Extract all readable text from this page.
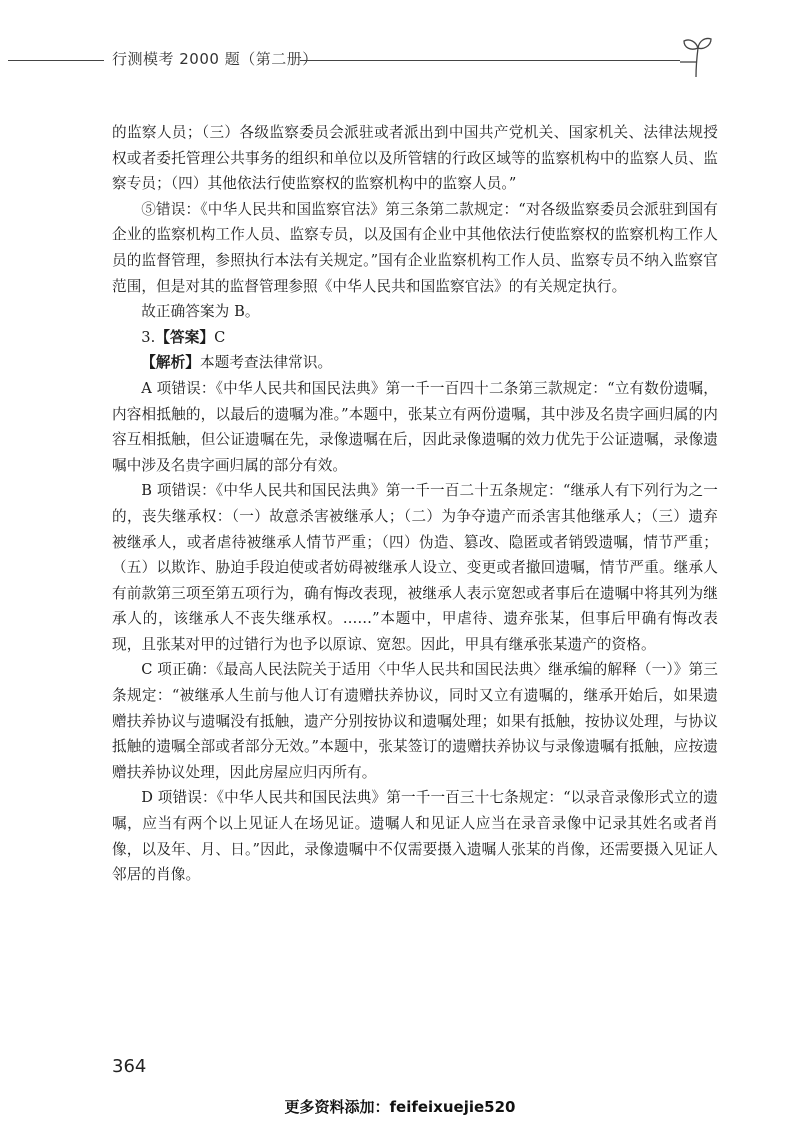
行测模考 2000 题（第二册）

的监察人员；（三）各级监察委员会派驻或者派出到中国共产党机关、国家机关、法律法规授权或者委托管理公共事务的组织和单位以及所管辖的行政区域等的监察机构中的监察人员、监察专员；（四）其他依法行使监察权的监察机构中的监察人员。”

⑤错误：《中华人民共和国监察官法》第三条第二款规定：“对各级监察委员会派驻到国有企业的监察机构工作人员、监察专员，以及国有企业中其他依法行使监察权的监察机构工作人员的监督管理，参照执行本法有关规定。”国有企业监察机构工作人员、监察专员不纳入监察官范围，但是对其的监督管理参照《中华人民共和国监察官法》的有关规定执行。

故正确答案为 B。

3.【答案】C

【解析】本题考查法律常识。

A 项错误：《中华人民共和国民法典》第一千一百四十二条第三款规定：“立有数份遗嘱，内容相抵触的，以最后的遗嘱为准。”本题中，张某立有两份遗嘱，其中涉及名贵字画归属的内容互相抵触，但公证遗嘱在先，录像遗嘱在后，因此录像遗嘱的效力优先于公证遗嘱，录像遗嘱中涉及名贵字画归属的部分有效。

B 项错误：《中华人民共和国民法典》第一千一百二十五条规定：“继承人有下列行为之一的，丧失继承权：（一）故意杀害被继承人；（二）为争夺遗产而杀害其他继承人；（三）遗弃被继承人，或者虐待被继承人情节严重；（四）伪造、篡改、隐匿或者销毁遗嘱，情节严重；（五）以欺诈、胁迫手段迫使或者妨碍被继承人设立、变更或者撤回遗嘱，情节严重。继承人有前款第三项至第五项行为，确有悔改表现，被继承人表示宽恕或者事后在遗嘱中将其列为继承人的，该继承人不丧失继承权。……”本题中，甲虐待、遗弃张某，但事后甲确有悔改表现，且张某对甲的过错行为也予以原谅、宽恕。因此，甲具有继承张某遗产的资格。

C 项正确：《最高人民法院关于适用〈中华人民共和国民法典〉继承编的解释（一）》第三条规定：“被继承人生前与他人订有遗赠扶养协议，同时又立有遗嘱的，继承开始后，如果遗赠扶养协议与遗嘱没有抵触，遗产分别按协议和遗嘱处理；如果有抵触，按协议处理，与协议抵触的遗嘱全部或者部分无效。”本题中，张某签订的遗赠扶养协议与录像遗嘱有抵触，应按遗赠扶养协议处理，因此房屋应归丙所有。

D 项错误：《中华人民共和国民法典》第一千一百三十七条规定：“以录音录像形式立的遗嘱，应当有两个以上见证人在场见证。遗嘱人和见证人应当在录音录像中记录其姓名或者肖像，以及年、月、日。”因此，录像遗嘱中不仅需要摄入遗嘱人张某的肖像，还需要摄入见证人邻居的肖像。

364
更多资料添加：feifeixuejie520
